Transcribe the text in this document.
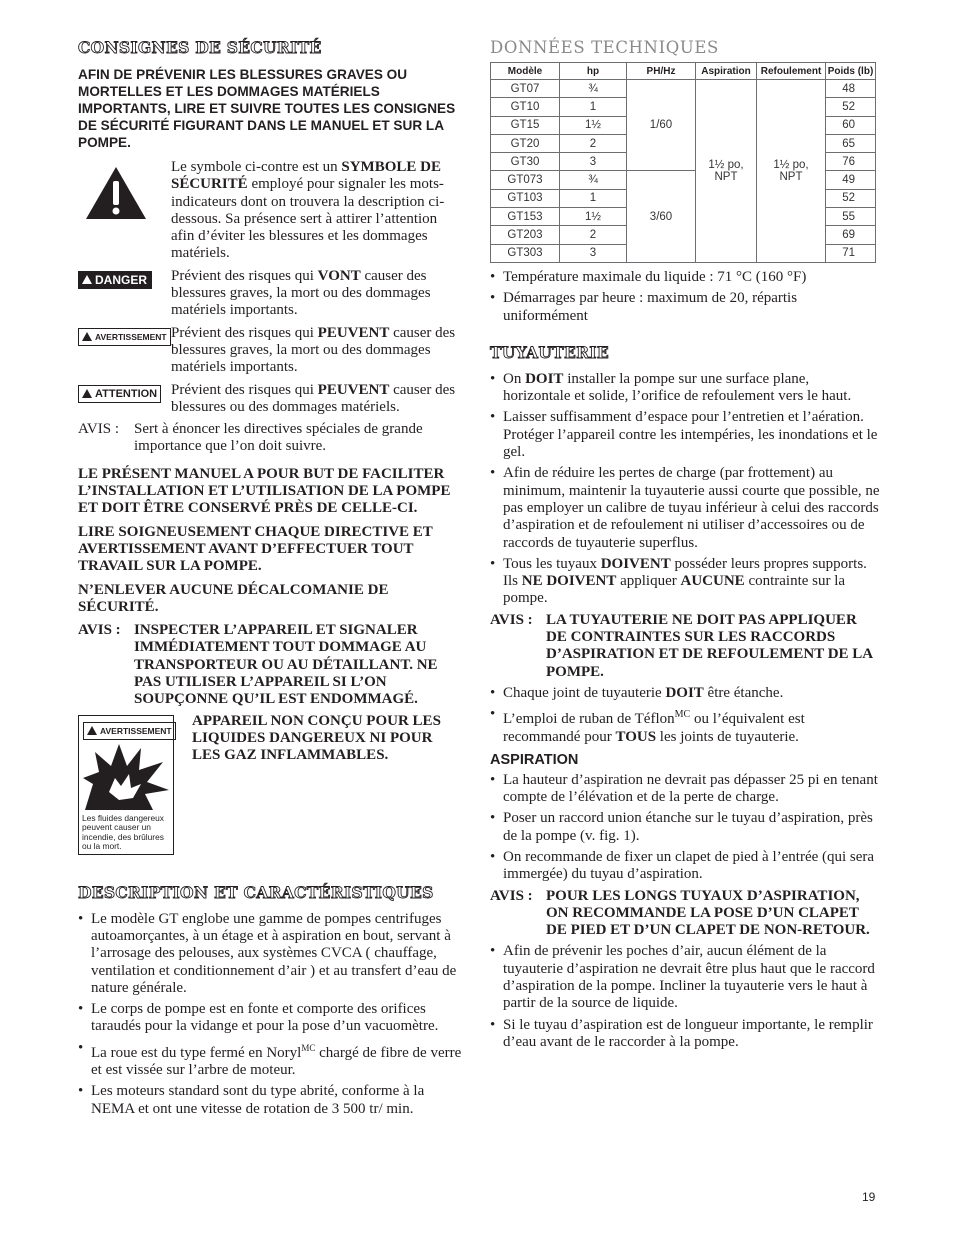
CONSIGNES DE SÉCURITÉ

AFIN DE PRÉVENIR LES BLESSURES GRAVES OU MORTELLES ET LES DOMMAGES MATÉRIELS IMPORTANTS, LIRE ET SUIVRE TOUTES LES CONSIGNES DE SÉCURITÉ FIGURANT DANS LE MANUEL ET SUR LA POMPE.

Le symbole ci-contre est un SYMBOLE DE SÉCURITÉ employé pour signaler les mots-indicateurs dont on trouvera la description ci-dessous. Sa présence sert à attirer l’attention afin d’éviter les blessures et les dommages matériels.

DANGER Prévient des risques qui VONT causer des blessures graves, la mort ou des dommages matériels importants.

AVERTISSEMENT Prévient des risques qui PEUVENT causer des blessures graves, la mort ou des dommages matériels importants.

ATTENTION Prévient des risques qui PEUVENT causer des blessures ou des dommages matériels.

AVIS :	Sert à énoncer les directives spéciales de grande importance que l’on doit suivre.

LE PRÉSENT MANUEL A POUR BUT DE FACILITER L’INSTALLATION ET L’UTILISATION DE LA POMPE ET DOIT ÊTRE CONSERVÉ PRÈS DE CELLE-CI.

LIRE SOIGNEUSEMENT CHAQUE DIRECTIVE ET AVERTISSEMENT AVANT D’EFFECTUER TOUT TRAVAIL SUR LA POMPE.

N’ENLEVER AUCUNE DÉCALCOMANIE DE SÉCURITÉ.

AVIS : INSPECTER L’APPAREIL ET SIGNALER IMMÉDIATEMENT TOUT DOMMAGE AU TRANSPORTEUR OU AU DÉTAILLANT. NE PAS UTILISER L’APPAREIL SI L’ON SOUPÇONNE QU’IL EST ENDOMMAGÉ.
AVERTISSEMENT
Les fluides dangereux peuvent causer un incendie, des brûlures ou la mort.

APPAREIL NON CONÇU POUR LES LIQUIDES DANGEREUX NI POUR LES GAZ INFLAMMABLES.

DESCRIPTION ET CARACTÉRISTIQUES
• Le modèle GT englobe une gamme de pompes centrifuges autoamorçantes, à un étage et à aspiration en bout, servant à l’arrosage des pelouses, aux systèmes CVCA ( chauffage, ventilation et conditionnement d’air ) et au transfert d’eau de nature générale.
• Le corps de pompe est en fonte et comporte des orifices taraudés pour la vidange et pour la pose d’un vacuomètre.
• La roue est du type fermé en Noryl$^{MC}$ chargé de fibre de verre et est vissée sur l’arbre de moteur.
• Les moteurs standard sont du type abrité, conforme à la NEMA et ont une vitesse de rotation de 3 500 tr/ min.
DONNÉES TECHNIQUES
Modèle	hp	PH/Hz	Aspiration	Refoulement	Poids (lb)
GT07	¾	1/60	1½ po, NPT	1½ po, NPT	48
GT10	1				52
GT15	1½				60
GT20	2				65
GT30	3				76
GT073	¾	3/60			49
GT103	1				52
GT153	1½				55
GT203	2				69
GT303	3				71
• Température maximale du liquide : 71 °C (160 °F)
• Démarrages par heure : maximum de 20, répartis uniformément
TUYAUTERIE
• On DOIT installer la pompe sur une surface plane, horizontale et solide, l’orifice de refoulement vers le haut.
• Laisser suffisamment d’espace pour l’entretien et l’aération. Protéger l’appareil contre les intempéries, les inondations et le gel.
• Afin de réduire les pertes de charge (par frottement) au minimum, maintenir la tuyauterie aussi courte que possible, ne pas employer un calibre de tuyau inférieur à celui des raccords d’aspiration et de refoulement ni utiliser d’accessoires ou de raccords de tuyauterie superflus.
• Tous les tuyaux DOIVENT posséder leurs propres supports. Ils NE DOIVENT appliquer AUCUNE contrainte sur la pompe.
AVIS : LA TUYAUTERIE NE DOIT PAS APPLIQUER DE CONTRAINTES SUR LES RACCORDS D’ASPIRATION ET DE REFOULEMENT DE LA POMPE.
• Chaque joint de tuyauterie DOIT être étanche.
• L’emploi de ruban de Téflon$^{MC}$ ou l’équivalent est recommandé pour TOUS les joints de tuyauterie.
ASPIRATION
• La hauteur d’aspiration ne devrait pas dépasser 25 pi en tenant compte de l’élévation et de la perte de charge.
• Poser un raccord union étanche sur le tuyau d’aspiration, près de la pompe (v. fig. 1).
• On recommande de fixer un clapet de pied à l’entrée (qui sera immergée) du tuyau d’aspiration.
AVIS : POUR LES LONGS TUYAUX D’ASPIRATION, ON RECOMMANDE LA POSE D’UN CLAPET DE PIED ET D’UN CLAPET DE NON-RETOUR.
• Afin de prévenir les poches d’air, aucun élément de la tuyauterie d’aspiration ne devrait être plus haut que le raccord d’aspiration de la pompe. Incliner la tuyauterie vers le haut à partir de la source de liquide.
• Si le tuyau d’aspiration est de longueur importante, le remplir d’eau avant de le raccorder à la pompe.
19
